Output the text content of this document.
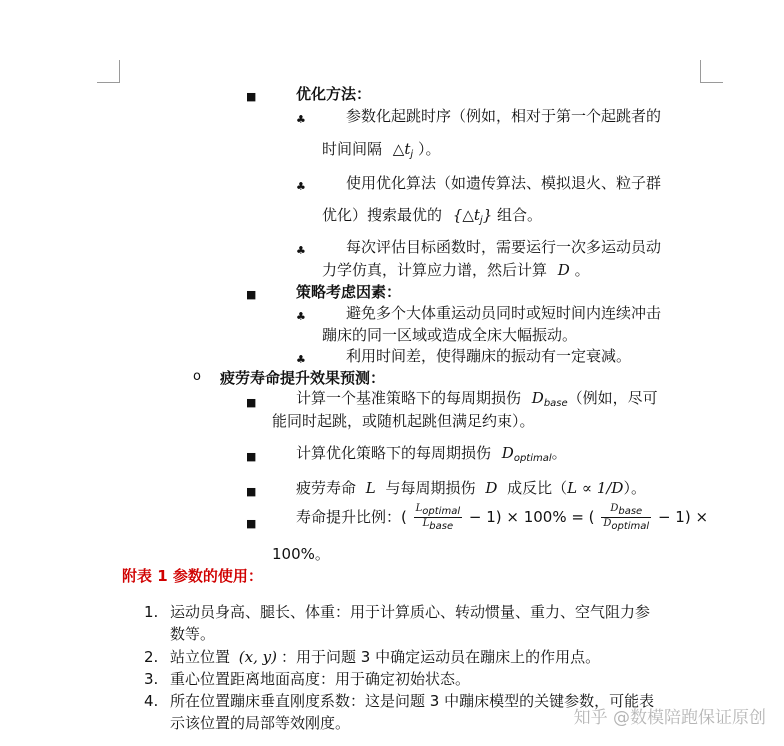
■	优化方法：
♣	参数化起跳时序（例如，相对于第一个起跳者的
时间间隔 $\triangle t_j$ ）。
♣	使用优化算法（如遗传算法、模拟退火、粒子群
优化）搜索最优的 $\{\triangle t_j\}$ 组合。
♣	每次评估目标函数时，需要运行一次多运动员动
力学仿真，计算应力谱，然后计算 D 。
■	策略考虑因素：
♣	避免多个大体重运动员同时或短时间内连续冲击
蹦床的同一区域或造成全床大幅振动。
♣	利用时间差，使得蹦床的振动有一定衰减。
o 疲劳寿命提升效果预测：
■	计算一个基准策略下的每周期损伤 $D_{base}$（例如，尽可
能同时起跳，或随机起跳但满足约束）。
■	计算优化策略下的每周期损伤 $D_{optimal}$。
■	疲劳寿命 L 与每周期损伤 D 成反比（L ∝ 1/D）。
■	寿命提升比例：( $\frac{\text{Loptimal}}{\text{Lbase}} - 1) \times 100\%$ = ( $\frac{\text{Dbase}}{\text{Doptimal}} - 1$) ×
100%。
附表 1 参数的使用：
1. 运动员身高、腿长、体重：用于计算质心、转动惯量、重力、空气阻力参
数等。
2. 站立位置 (x, y) ：用于问题 3 中确定运动员在蹦床上的作用点。
3. 重心位置距离地面高度：用于确定初始状态。
4. 所在位置蹦床垂直刚度系数：这是问题 3 中蹦床模型的关键参数，可能表
示该位置的局部等效刚度。	知乎 @数模陪跑保证原创
